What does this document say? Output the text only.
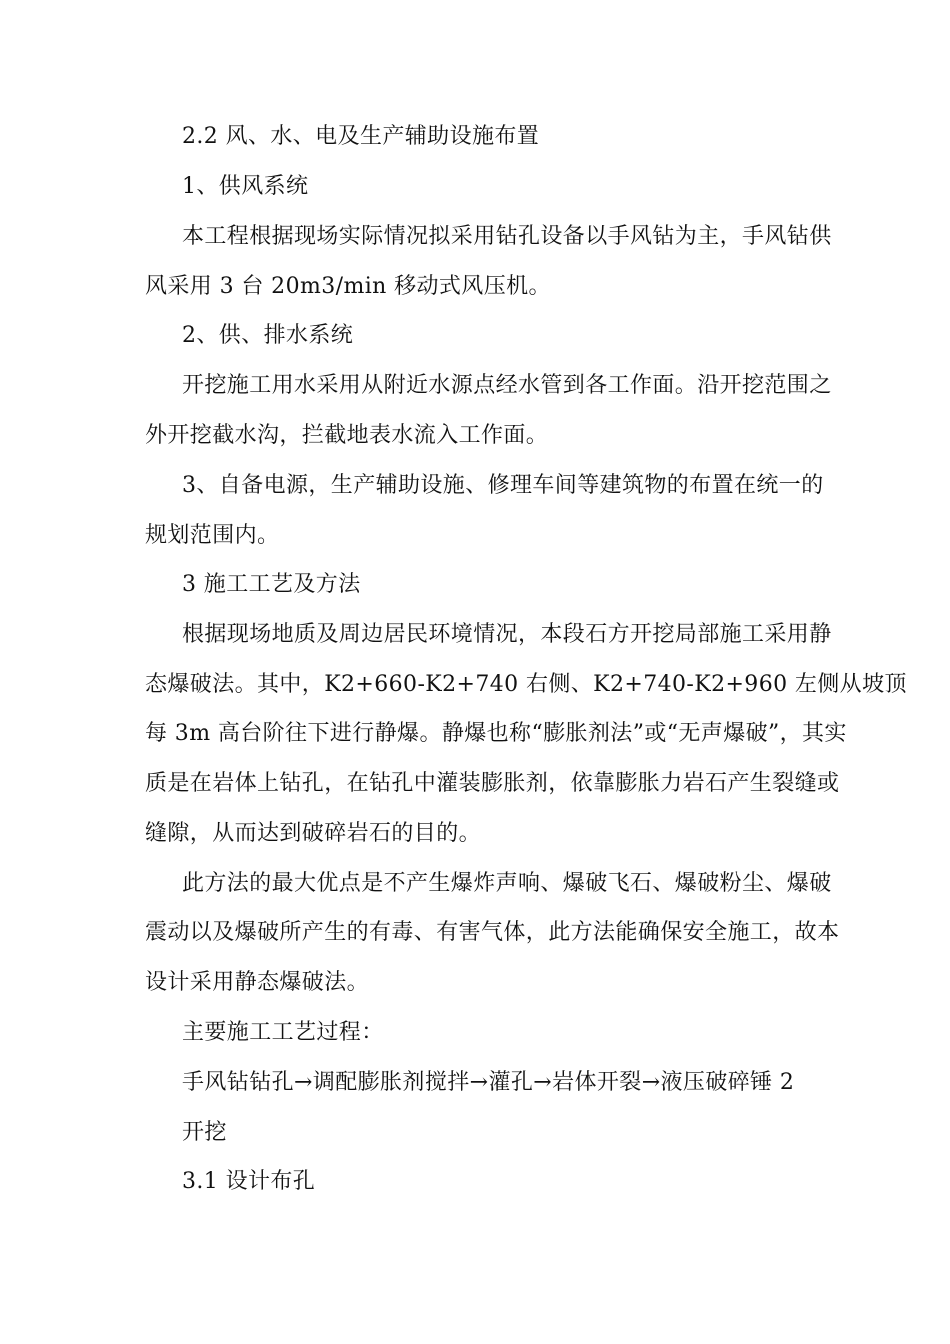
2.2 风、水、电及生产辅助设施布置
1、供风系统
本工程根据现场实际情况拟采用钻孔设备以手风钻为主，手风钻供
风采用 3 台 20m3/min 移动式风压机。
2、供、排水系统
开挖施工用水采用从附近水源点经水管到各工作面。沿开挖范围之
外开挖截水沟，拦截地表水流入工作面。
3、自备电源，生产辅助设施、修理车间等建筑物的布置在统一的
规划范围内。
3 施工工艺及方法
根据现场地质及周边居民环境情况，本段石方开挖局部施工采用静
态爆破法。其中，K2+660-K2+740 右侧、K2+740-K2+960 左侧从坡顶
每 3m 高台阶往下进行静爆。静爆也称“膨胀剂法”或“无声爆破”，其实
质是在岩体上钻孔，在钻孔中灌装膨胀剂，依靠膨胀力岩石产生裂缝或
缝隙，从而达到破碎岩石的目的。
此方法的最大优点是不产生爆炸声响、爆破飞石、爆破粉尘、爆破
震动以及爆破所产生的有毒、有害气体，此方法能确保安全施工，故本
设计采用静态爆破法。
主要施工工艺过程：
手风钻钻孔→调配膨胀剂搅拌→灌孔→岩体开裂→液压破碎锤 2
开挖
3.1 设计布孔
